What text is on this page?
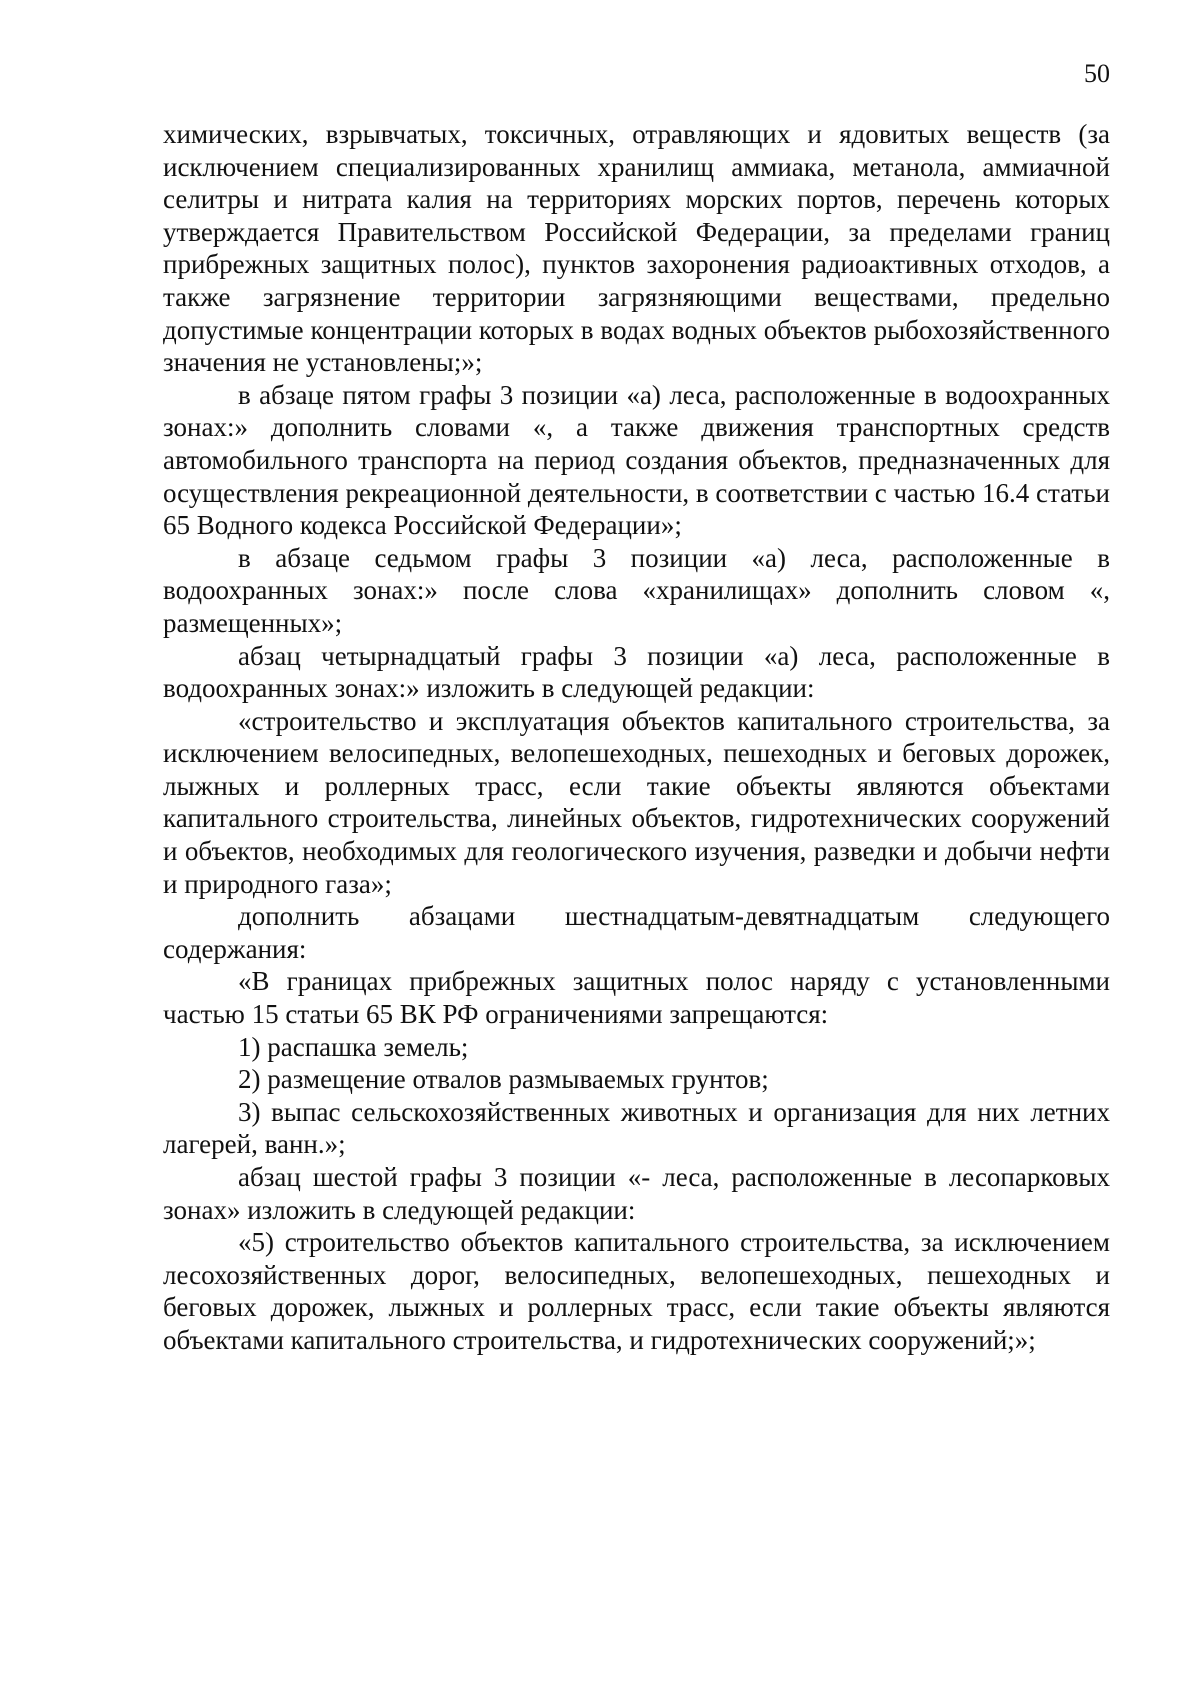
50

химических, взрывчатых, токсичных, отравляющих и ядовитых веществ (за исключением специализированных хранилищ аммиака, метанола, аммиачной селитры и нитрата калия на территориях морских портов, перечень которых утверждается Правительством Российской Федерации, за пределами границ прибрежных защитных полос), пунктов захоронения радиоактивных отходов, а также загрязнение территории загрязняющими веществами, предельно допустимые концентрации которых в водах водных объектов рыбохозяйственного значения не установлены;»;

в абзаце пятом графы 3 позиции «а) леса, расположенные в водоохранных зонах:» дополнить словами «, а также движения транспортных средств автомобильного транспорта на период создания объектов, предназначенных для осуществления рекреационной деятельности, в соответствии с частью 16.4 статьи 65 Водного кодекса Российской Федерации»;

в абзаце седьмом графы 3 позиции «а) леса, расположенные в водоохранных зонах:» после слова «хранилищах» дополнить словом «, размещенных»;

абзац четырнадцатый графы 3 позиции «а) леса, расположенные в водоохранных зонах:» изложить в следующей редакции:

«строительство и эксплуатация объектов капитального строительства, за исключением велосипедных, велопешеходных, пешеходных и беговых дорожек, лыжных и роллерных трасс, если такие объекты являются объектами капитального строительства, линейных объектов, гидротехнических сооружений и объектов, необходимых для геологического изучения, разведки и добычи нефти и природного газа»;

дополнить абзацами шестнадцатым-девятнадцатым следующего содержания:

«В границах прибрежных защитных полос наряду с установленными частью 15 статьи 65 ВК РФ ограничениями запрещаются:

1) распашка земель;

2) размещение отвалов размываемых грунтов;

3) выпас сельскохозяйственных животных и организация для них летних лагерей, ванн.»;

абзац шестой графы 3 позиции «- леса, расположенные в лесопарковых зонах» изложить в следующей редакции:

«5) строительство объектов капитального строительства, за исключением лесохозяйственных дорог, велосипедных, велопешеходных, пешеходных и беговых дорожек, лыжных и роллерных трасс, если такие объекты являются объектами капитального строительства, и гидротехнических сооружений;»;
